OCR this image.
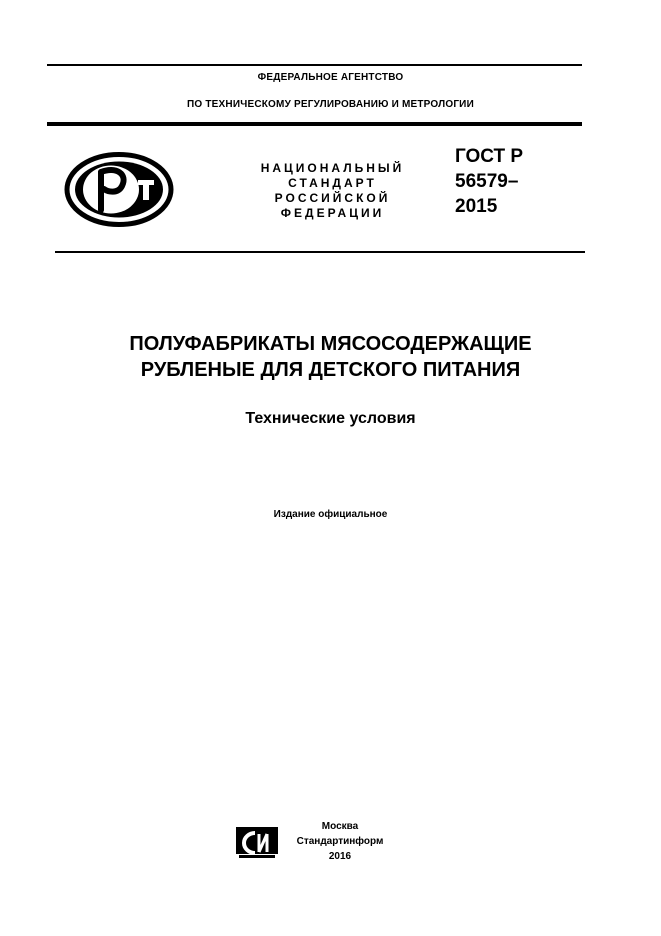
ФЕДЕРАЛЬНОЕ АГЕНТСТВО
ПО ТЕХНИЧЕСКОМУ РЕГУЛИРОВАНИЮ И МЕТРОЛОГИИ
НАЦИОНАЛЬНЫЙ
СТАНДАРТ
РОССИЙСКОЙ
ФЕДЕРАЦИИ
ГОСТ Р
56579–
2015
ПОЛУФАБРИКАТЫ МЯСОСОДЕРЖАЩИЕ
РУБЛЕНЫЕ ДЛЯ ДЕТСКОГО ПИТАНИЯ
Технические условия
Издание официальное
Москва
Стандартинформ
2016
